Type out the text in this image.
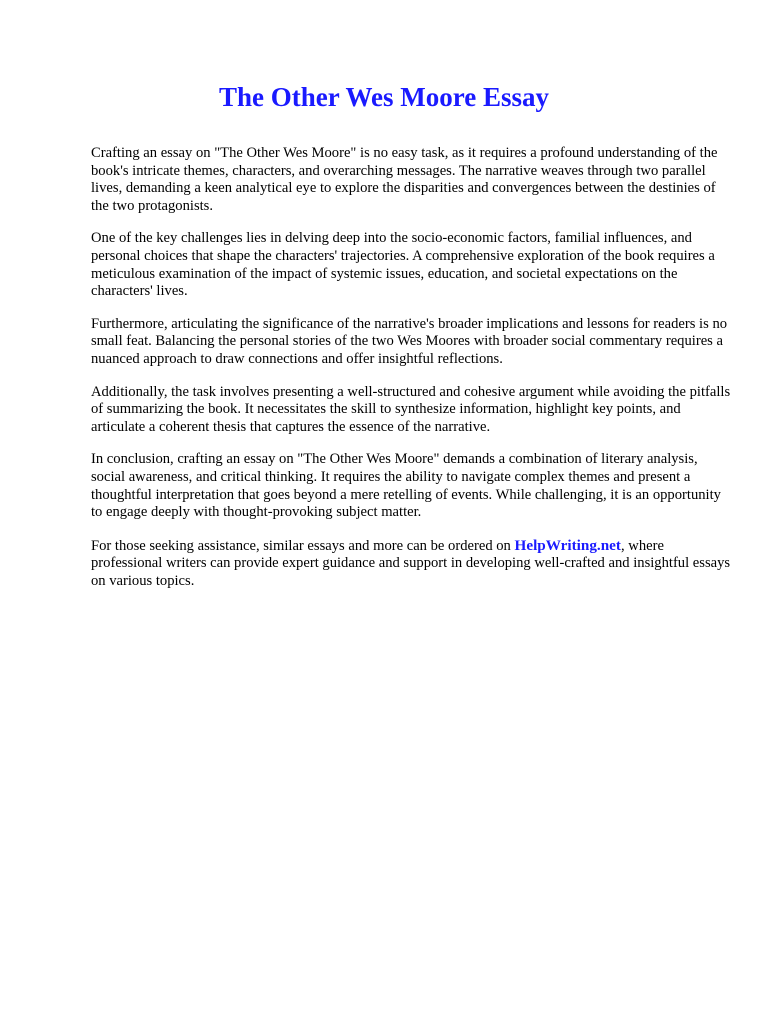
The Other Wes Moore Essay

Crafting an essay on "The Other Wes Moore" is no easy task, as it requires a profound understanding of the book's intricate themes, characters, and overarching messages. The narrative weaves through two parallel lives, demanding a keen analytical eye to explore the disparities and convergences between the destinies of the two protagonists.

One of the key challenges lies in delving deep into the socio-economic factors, familial influences, and personal choices that shape the characters' trajectories. A comprehensive exploration of the book requires a meticulous examination of the impact of systemic issues, education, and societal expectations on the characters' lives.

Furthermore, articulating the significance of the narrative's broader implications and lessons for readers is no small feat. Balancing the personal stories of the two Wes Moores with broader social commentary requires a nuanced approach to draw connections and offer insightful reflections.

Additionally, the task involves presenting a well-structured and cohesive argument while avoiding the pitfalls of summarizing the book. It necessitates the skill to synthesize information, highlight key points, and articulate a coherent thesis that captures the essence of the narrative.

In conclusion, crafting an essay on "The Other Wes Moore" demands a combination of literary analysis, social awareness, and critical thinking. It requires the ability to navigate complex themes and present a thoughtful interpretation that goes beyond a mere retelling of events. While challenging, it is an opportunity to engage deeply with thought-provoking subject matter.

For those seeking assistance, similar essays and more can be ordered on HelpWriting.net, where professional writers can provide expert guidance and support in developing well-crafted and insightful essays on various topics.
